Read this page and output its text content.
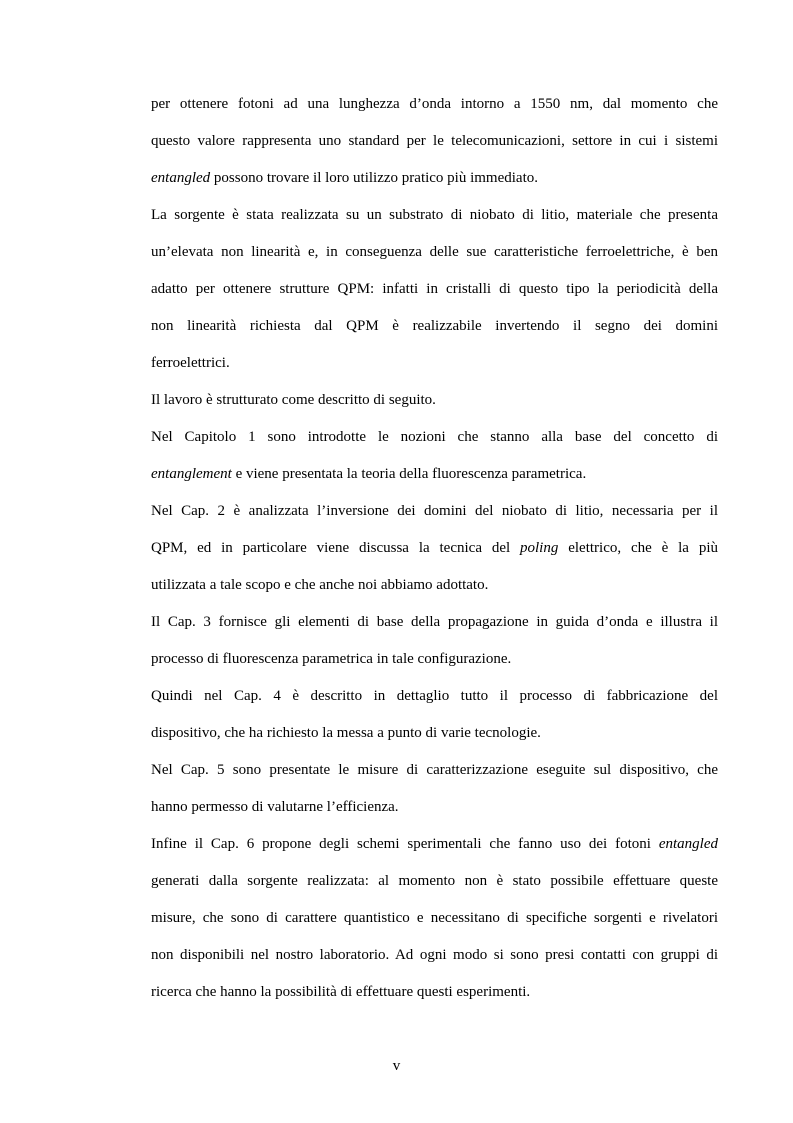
per ottenere fotoni ad una lunghezza d’onda intorno a 1550 nm, dal momento che
questo valore rappresenta uno standard per le telecomunicazioni, settore in cui i sistemi
entangled possono trovare il loro utilizzo pratico più immediato.

La sorgente è stata realizzata su un substrato di niobato di litio, materiale che presenta
un’elevata non linearità e, in conseguenza delle sue caratteristiche ferroelettriche, è ben
adatto per ottenere strutture QPM: infatti in cristalli di questo tipo la periodicità della
non linearità richiesta dal QPM è realizzabile invertendo il segno dei domini
ferroelettrici.

Il lavoro è strutturato come descritto di seguito.

Nel Capitolo 1 sono introdotte le nozioni che stanno alla base del concetto di
entanglement e viene presentata la teoria della fluorescenza parametrica.

Nel Cap. 2 è analizzata l’inversione dei domini del niobato di litio, necessaria per il
QPM, ed in particolare viene discussa la tecnica del poling elettrico, che è la più
utilizzata a tale scopo e che anche noi abbiamo adottato.

Il Cap. 3 fornisce gli elementi di base della propagazione in guida d’onda e illustra il
processo di fluorescenza parametrica in tale configurazione.

Quindi nel Cap. 4 è descritto in dettaglio tutto il processo di fabbricazione del
dispositivo, che ha richiesto la messa a punto di varie tecnologie.

Nel Cap. 5 sono presentate le misure di caratterizzazione eseguite sul dispositivo, che
hanno permesso di valutarne l’efficienza.

Infine il Cap. 6 propone degli schemi sperimentali che fanno uso dei fotoni entangled
generati dalla sorgente realizzata: al momento non è stato possibile effettuare queste
misure, che sono di carattere quantistico e necessitano di specifiche sorgenti e rivelatori
non disponibili nel nostro laboratorio. Ad ogni modo si sono presi contatti con gruppi di
ricerca che hanno la possibilità di effettuare questi esperimenti.

v
